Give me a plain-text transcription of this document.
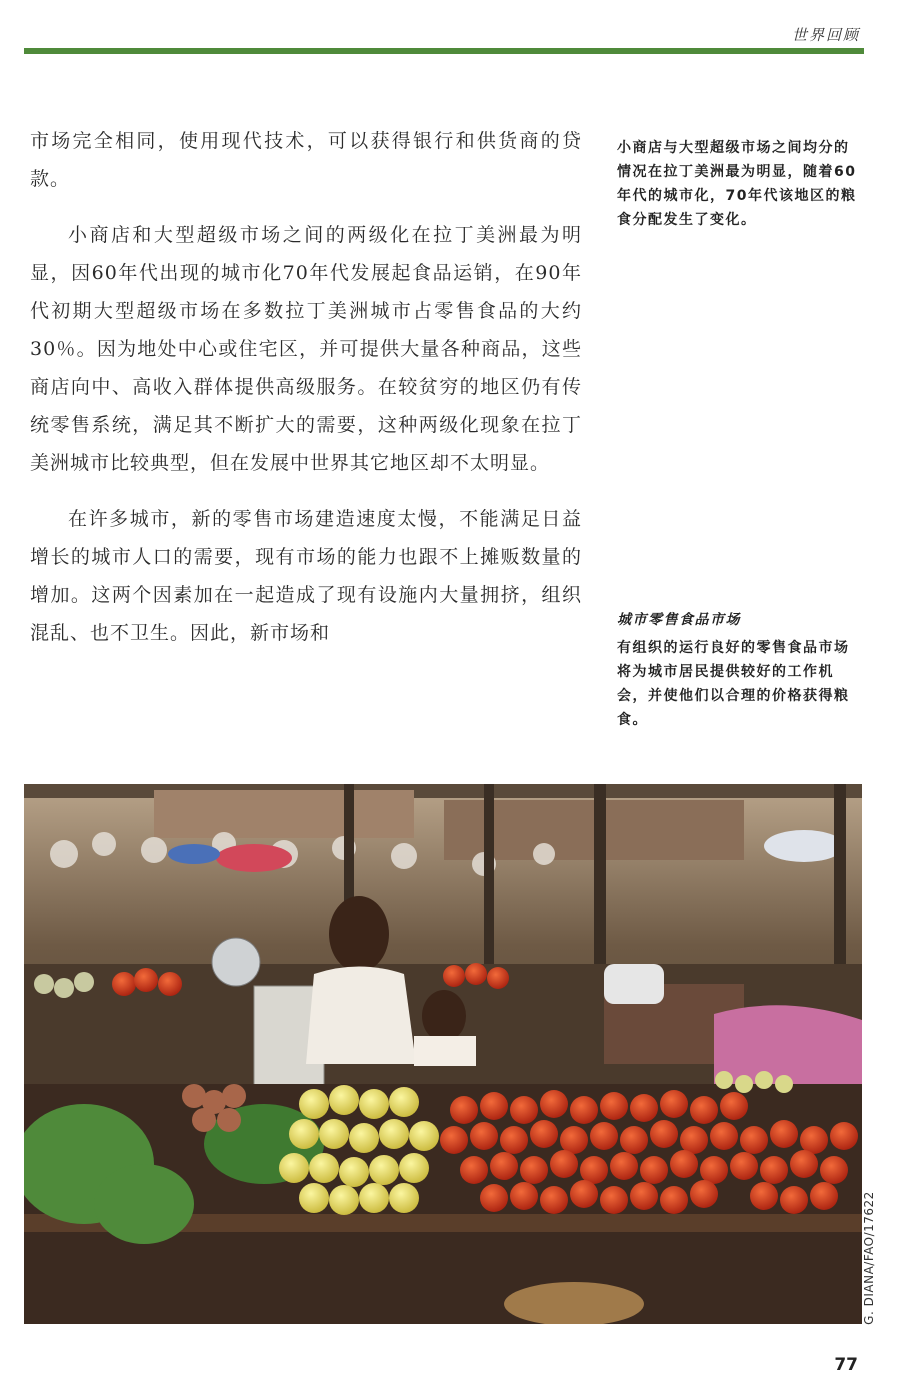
世界回顾

市场完全相同，使用现代技术，可以获得银行和供货商的贷款。

小商店和大型超级市场之间的两级化在拉丁美洲最为明显，因60年代出现的城市化70年代发展起食品运销，在90年代初期大型超级市场在多数拉丁美洲城市占零售食品的大约30％。因为地处中心或住宅区，并可提供大量各种商品，这些商店向中、高收入群体提供高级服务。在较贫穷的地区仍有传统零售系统，满足其不断扩大的需要，这种两级化现象在拉丁美洲城市比较典型，但在发展中世界其它地区却不太明显。

在许多城市，新的零售市场建造速度太慢，不能满足日益增长的城市人口的需要，现有市场的能力也跟不上摊贩数量的增加。这两个因素加在一起造成了现有设施内大量拥挤，组织混乱、也不卫生。因此，新市场和

小商店与大型超级市场之间均分的情况在拉丁美洲最为明显，随着60年代的城市化，70年代该地区的粮食分配发生了变化。
城市零售食品市场
有组织的运行良好的零售食品市场将为城市居民提供较好的工作机会，并使他们以合理的价格获得粮食。
G. DIANA/FAO/17622
77
